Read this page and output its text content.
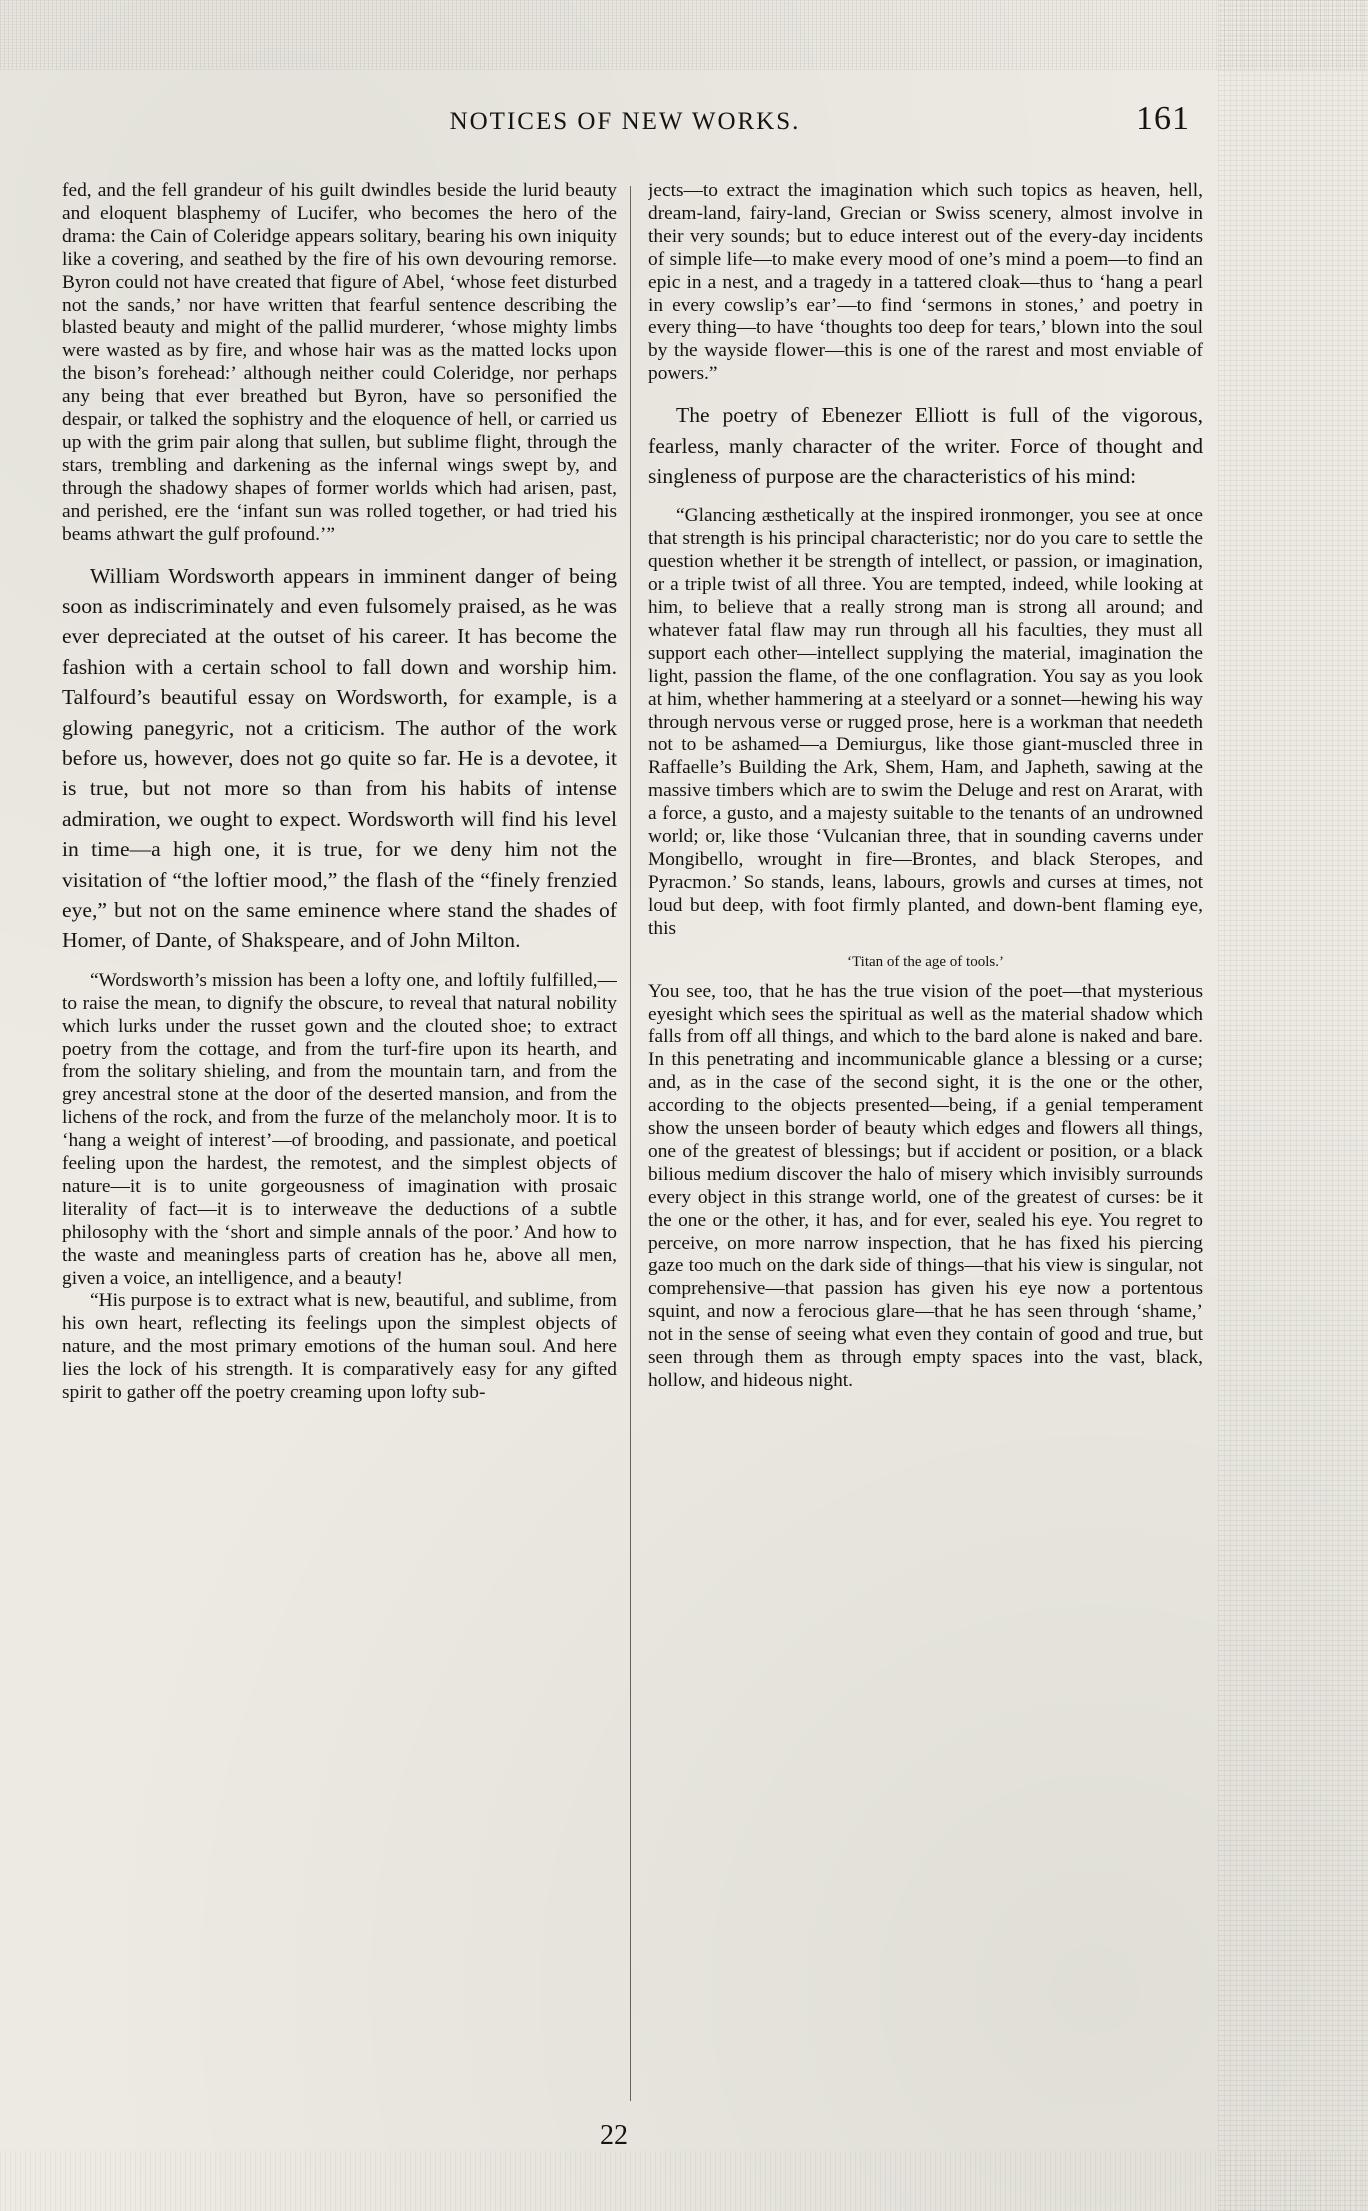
NOTICES OF NEW WORKS.	161

fed, and the fell grandeur of his guilt dwindles beside the lurid beauty and eloquent blasphemy of Lucifer, who becomes the hero of the drama: the Cain of Coleridge appears solitary, bearing his own iniquity like a covering, and seathed by the fire of his own devouring remorse. Byron could not have created that figure of Abel, ‘whose feet disturbed not the sands,’ nor have written that fearful sentence describing the blasted beauty and might of the pallid murderer, ‘whose mighty limbs were wasted as by fire, and whose hair was as the matted locks upon the bison’s forehead:’ although neither could Coleridge, nor perhaps any being that ever breathed but Byron, have so personified the despair, or talked the sophistry and the eloquence of hell, or carried us up with the grim pair along that sullen, but sublime flight, through the stars, trembling and darkening as the infernal wings swept by, and through the shadowy shapes of former worlds which had arisen, past, and perished, ere the ‘infant sun was rolled together, or had tried his beams athwart the gulf profound.’”

William Wordsworth appears in imminent danger of being soon as indiscriminately and even fulsomely praised, as he was ever depreciated at the outset of his career. It has become the fashion with a certain school to fall down and worship him. Talfourd’s beautiful essay on Wordsworth, for example, is a glowing panegyric, not a criticism. The author of the work before us, however, does not go quite so far. He is a devotee, it is true, but not more so than from his habits of intense admiration, we ought to expect. Wordsworth will find his level in time—a high one, it is true, for we deny him not the visitation of “the loftier mood,” the flash of the “finely frenzied eye,” but not on the same eminence where stand the shades of Homer, of Dante, of Shakspeare, and of John Milton.

“Wordsworth’s mission has been a lofty one, and loftily fulfilled,—to raise the mean, to dignify the obscure, to reveal that natural nobility which lurks under the russet gown and the clouted shoe; to extract poetry from the cottage, and from the turf-fire upon its hearth, and from the solitary shieling, and from the mountain tarn, and from the grey ancestral stone at the door of the deserted mansion, and from the lichens of the rock, and from the furze of the melancholy moor. It is to ‘hang a weight of interest’—of brooding, and passionate, and poetical feeling upon the hardest, the remotest, and the simplest objects of nature—it is to unite gorgeousness of imagination with prosaic literality of fact—it is to interweave the deductions of a subtle philosophy with the ‘short and simple annals of the poor.’ And how to the waste and meaningless parts of creation has he, above all men, given a voice, an intelligence, and a beauty!

“His purpose is to extract what is new, beautiful, and sublime, from his own heart, reflecting its feelings upon the simplest objects of nature, and the most primary emotions of the human soul. And here lies the lock of his strength. It is comparatively easy for any gifted spirit to gather off the poetry creaming upon lofty sub-

jects—to extract the imagination which such topics as heaven, hell, dream-land, fairy-land, Grecian or Swiss scenery, almost involve in their very sounds; but to educe interest out of the every-day incidents of simple life—to make every mood of one’s mind a poem—to find an epic in a nest, and a tragedy in a tattered cloak—thus to ‘hang a pearl in every cowslip’s ear’—to find ‘sermons in stones,’ and poetry in every thing—to have ‘thoughts too deep for tears,’ blown into the soul by the wayside flower—this is one of the rarest and most enviable of powers.”

The poetry of Ebenezer Elliott is full of the vigorous, fearless, manly character of the writer. Force of thought and singleness of purpose are the characteristics of his mind:

“Glancing æsthetically at the inspired ironmonger, you see at once that strength is his principal characteristic; nor do you care to settle the question whether it be strength of intellect, or passion, or imagination, or a triple twist of all three. You are tempted, indeed, while looking at him, to believe that a really strong man is strong all around; and whatever fatal flaw may run through all his faculties, they must all support each other—intellect supplying the material, imagination the light, passion the flame, of the one conflagration. You say as you look at him, whether hammering at a steelyard or a sonnet—hewing his way through nervous verse or rugged prose, here is a workman that needeth not to be ashamed—a Demiurgus, like those giant-muscled three in Raffaelle’s Building the Ark, Shem, Ham, and Japheth, sawing at the massive timbers which are to swim the Deluge and rest on Ararat, with a force, a gusto, and a majesty suitable to the tenants of an undrowned world; or, like those ‘Vulcanian three, that in sounding caverns under Mongibello, wrought in fire—Brontes, and black Steropes, and Pyracmon.’ So stands, leans, labours, growls and curses at times, not loud but deep, with foot firmly planted, and down-bent flaming eye, this

‘Titan of the age of tools.’

You see, too, that he has the true vision of the poet—that mysterious eyesight which sees the spiritual as well as the material shadow which falls from off all things, and which to the bard alone is naked and bare. In this penetrating and incommunicable glance a blessing or a curse; and, as in the case of the second sight, it is the one or the other, according to the objects presented—being, if a genial temperament show the unseen border of beauty which edges and flowers all things, one of the greatest of blessings; but if accident or position, or a black bilious medium discover the halo of misery which invisibly surrounds every object in this strange world, one of the greatest of curses: be it the one or the other, it has, and for ever, sealed his eye. You regret to perceive, on more narrow inspection, that he has fixed his piercing gaze too much on the dark side of things—that his view is singular, not comprehensive—that passion has given his eye now a portentous squint, and now a ferocious glare—that he has seen through ‘shame,’ not in the sense of seeing what even they contain of good and true, but seen through them as through empty spaces into the vast, black, hollow, and hideous night.

22
